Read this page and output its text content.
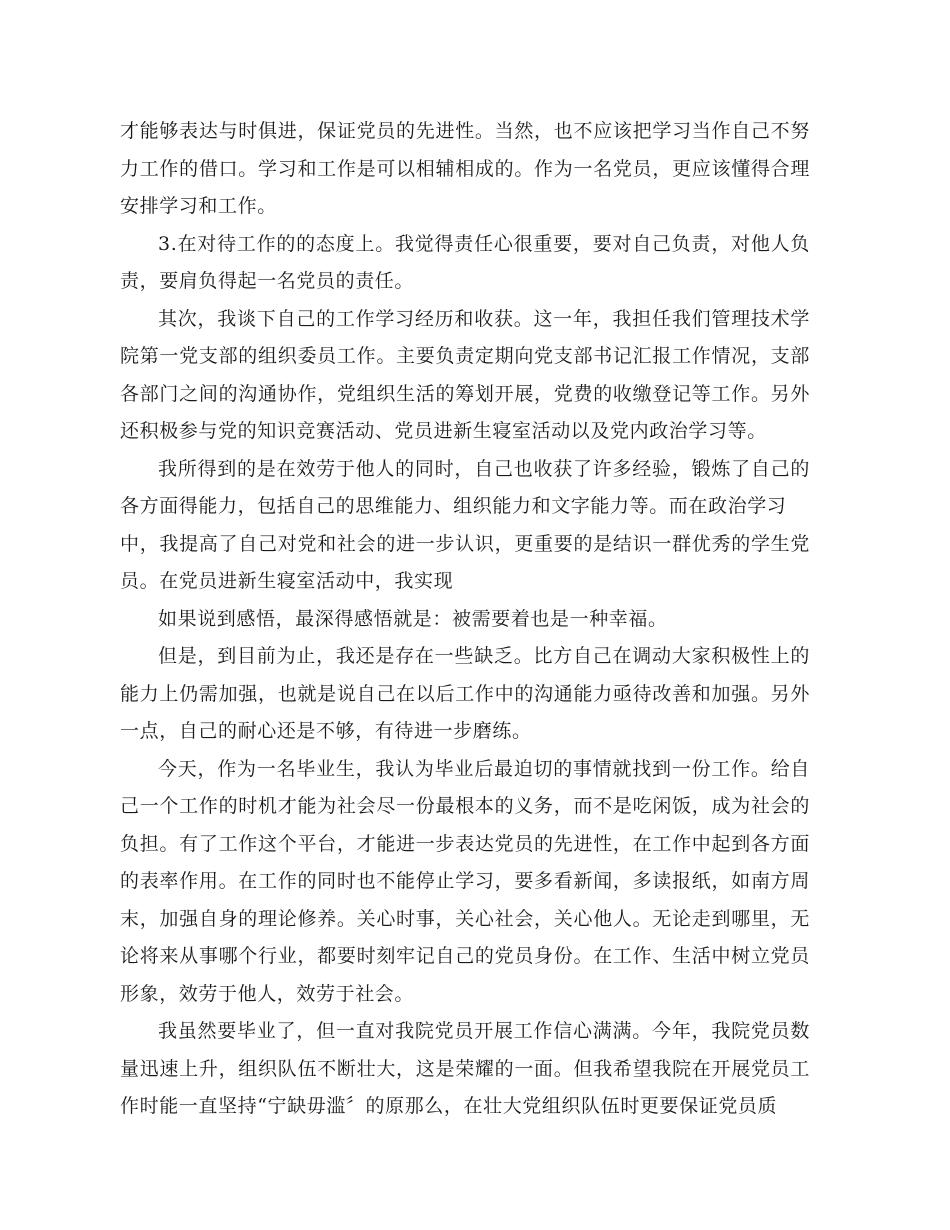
才能够表达与时俱进，保证党员的先进性。当然，也不应该把学习当作自己不努
力工作的借口。学习和工作是可以相辅相成的。作为一名党员，更应该懂得合理
安排学习和工作。
3.在对待工作的的态度上。我觉得责任心很重要，要对自己负责，对他人负
责，要肩负得起一名党员的责任。
其次，我谈下自己的工作学习经历和收获。这一年，我担任我们管理技术学
院第一党支部的组织委员工作。主要负责定期向党支部书记汇报工作情况，支部
各部门之间的沟通协作，党组织生活的筹划开展，党费的收缴登记等工作。另外
还积极参与党的知识竞赛活动、党员进新生寝室活动以及党内政治学习等。
我所得到的是在效劳于他人的同时，自己也收获了许多经验，锻炼了自己的
各方面得能力，包括自己的思维能力、组织能力和文字能力等。而在政治学习
中，我提高了自己对党和社会的进一步认识，更重要的是结识一群优秀的学生党
员。在党员进新生寝室活动中，我实现
如果说到感悟，最深得感悟就是：被需要着也是一种幸福。
但是，到目前为止，我还是存在一些缺乏。比方自己在调动大家积极性上的
能力上仍需加强，也就是说自己在以后工作中的沟通能力亟待改善和加强。另外
一点，自己的耐心还是不够，有待进一步磨练。
今天，作为一名毕业生，我认为毕业后最迫切的事情就找到一份工作。给自
己一个工作的时机才能为社会尽一份最根本的义务，而不是吃闲饭，成为社会的
负担。有了工作这个平台，才能进一步表达党员的先进性，在工作中起到各方面
的表率作用。在工作的同时也不能停止学习，要多看新闻，多读报纸，如南方周
末，加强自身的理论修养。关心时事，关心社会，关心他人。无论走到哪里，无
论将来从事哪个行业，都要时刻牢记自己的党员身份。在工作、生活中树立党员
形象，效劳于他人，效劳于社会。
我虽然要毕业了，但一直对我院党员开展工作信心满满。今年，我院党员数
量迅速上升，组织队伍不断壮大，这是荣耀的一面。但我希望我院在开展党员工
作时能一直坚持“宁缺毋滥〞的原那么，在壮大党组织队伍时更要保证党员质
